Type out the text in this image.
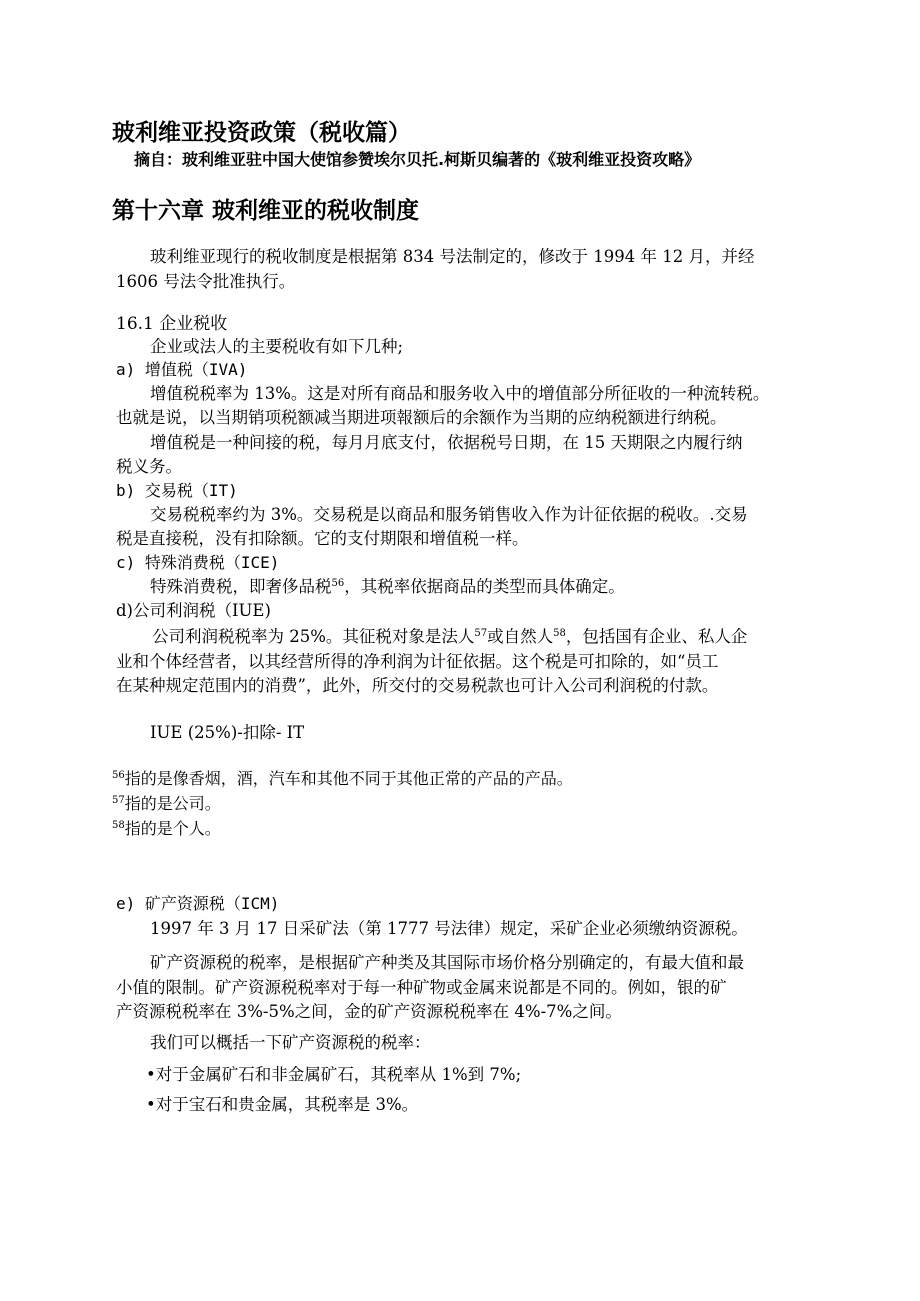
玻利维亚投资政策（税收篇）
摘自：玻利维亚驻中国大使馆参赞埃尔贝托.柯斯贝编著的《玻利维亚投资攻略》
第十六章 玻利维亚的税收制度
玻利维亚现行的税收制度是根据第 834 号法制定的，修改于 1994 年 12 月，并经
1606 号法令批准执行。
16.1 企业税收
企业或法人的主要税收有如下几种;
a) 增值税（IVA)
增值税税率为 13%。这是对所有商品和服务收入中的增值部分所征收的一种流转税。
也就是说，以当期销项税额减当期进项報额后的余额作为当期的应纳税额进行纳税。
增值税是一种间接的税，每月月底支付，依据税号日期，在 15 天期限之内履行纳
税义务。
b) 交易税（IT)
交易税税率约为 3%。交易税是以商品和服务销售收入作为计征依据的税收。.交易
税是直接税，没有扣除额。它的支付期限和增值税一样。
c) 特殊消费税（ICE)
特殊消费税，即奢侈品税$^{56}$，其税率依据商品的类型而具体确定。
d)公司利润税（IUE)
公司利润税税率为 25%。其征税对象是法人$^{57}$或自然人$^{58}$，包括国有企业、私人企
业和个体经营者，以其经营所得的净利润为计征依据。这个税是可扣除的，如“员工
在某种规定范围内的消费”，此外，所交付的交易税款也可计入公司利润税的付款。
IUE (25%)-扣除- IT
$^{56}$指的是像香烟，酒，汽车和其他不同于其他正常的产品的产品。
$^{57}$指的是公司。
$^{58}$指的是个人。
e) 矿产资源税（ICM)
1997 年 3 月 17 日采矿法（第 1777 号法律）规定，采矿企业必须缴纳资源税。
矿产资源税的税率，是根据矿产种类及其国际市场价格分别确定的，有最大值和最
小值的限制。矿产资源税税率对于每一种矿物或金属来说都是不同的。例如，银的矿
产资源税税率在 3%-5%之间，金的矿产资源税税率在 4%-7%之间。
我们可以概括一下矿产资源税的税率：
•对于金属矿石和非金属矿石，其税率从 1%到 7%;
•对于宝石和贵金属，其税率是 3%。
